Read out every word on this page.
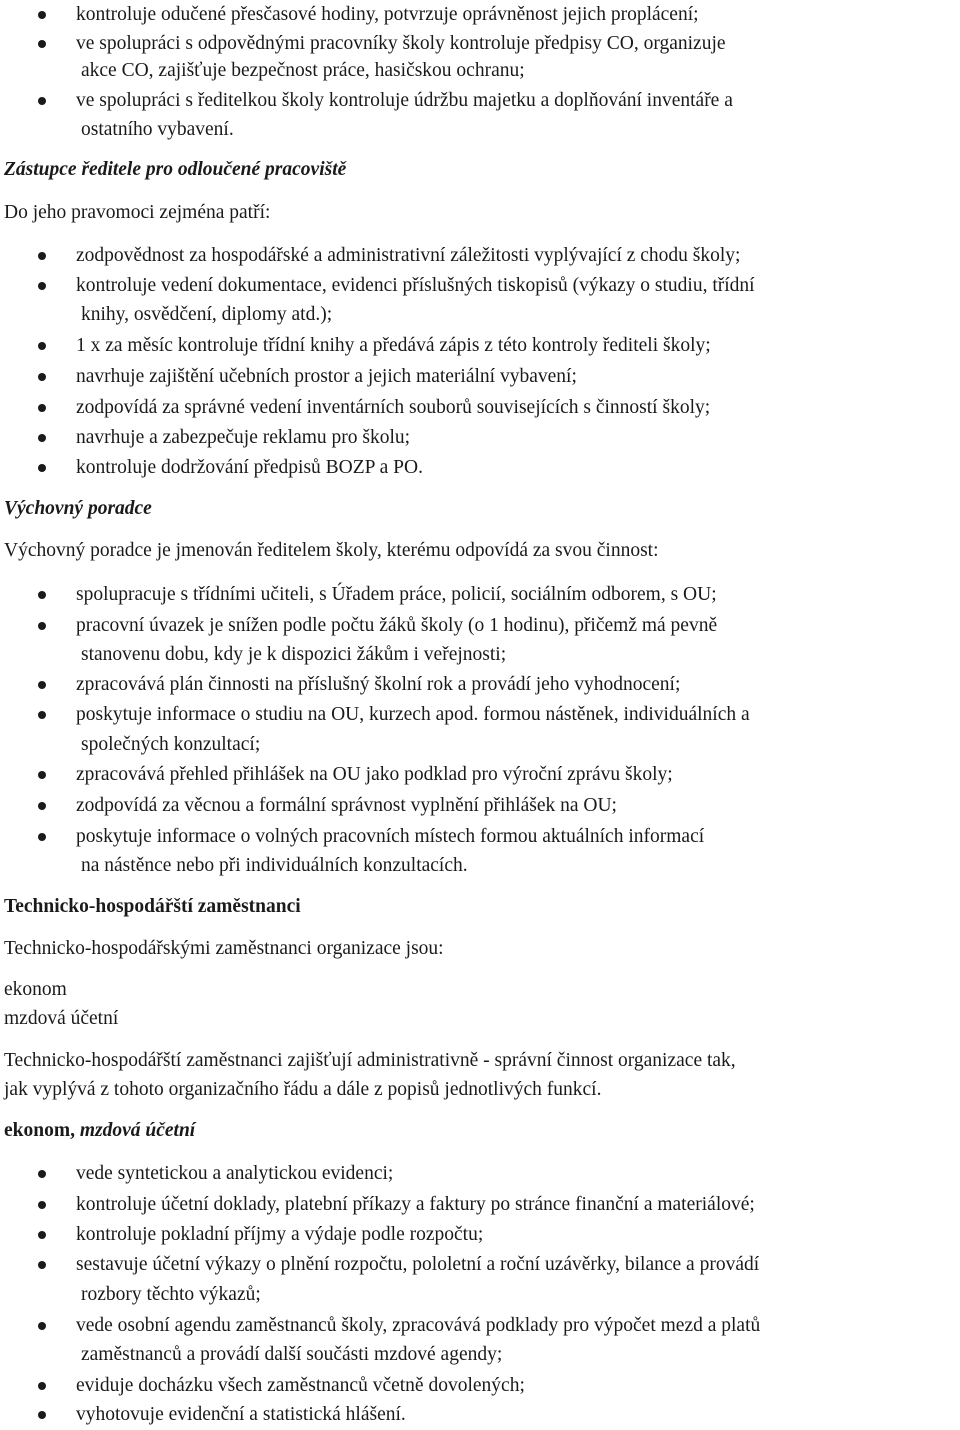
kontroluje odučené přesčasové hodiny, potvrzuje oprávněnost jejich proplácení;
ve spolupráci s odpovědnými pracovníky školy kontroluje předpisy CO, organizuje
akce CO, zajišťuje bezpečnost práce, hasičskou ochranu;
ve spolupráci s ředitelkou školy kontroluje údržbu majetku a doplňování inventáře a
ostatního vybavení.
Zástupce ředitele pro odloučené pracoviště
Do jeho pravomoci zejména patří:
zodpovědnost za hospodářské a administrativní záležitosti vyplývající z chodu školy;
kontroluje vedení dokumentace, evidenci příslušných tiskopisů (výkazy o studiu, třídní
knihy, osvědčení, diplomy atd.);
1 x za měsíc kontroluje třídní knihy a předává zápis z této kontroly řediteli školy;
navrhuje zajištění učebních prostor a jejich materiální vybavení;
zodpovídá za správné vedení inventárních souborů souvisejících s činností školy;
navrhuje a zabezpečuje reklamu pro školu;
kontroluje dodržování předpisů BOZP a PO.
Výchovný poradce
Výchovný poradce je jmenován ředitelem školy, kterému odpovídá za svou činnost:
spolupracuje s třídními učiteli, s Úřadem práce, policií, sociálním odborem, s OU;
pracovní úvazek je snížen podle počtu žáků školy (o 1 hodinu), přičemž má pevně
stanovenu dobu, kdy je k dispozici žákům i veřejnosti;
zpracovává plán činnosti na příslušný školní rok a provádí jeho vyhodnocení;
poskytuje informace o studiu na OU, kurzech apod. formou nástěnek, individuálních a
společných konzultací;
zpracovává přehled přihlášek na OU jako podklad pro výroční zprávu školy;
zodpovídá za věcnou a formální správnost vyplnění přihlášek na OU;
poskytuje informace o volných pracovních místech formou aktuálních informací
na nástěnce nebo při individuálních konzultacích.
Technicko-hospodářští zaměstnanci
Technicko-hospodářskými zaměstnanci organizace jsou:
ekonom
mzdová účetní
Technicko-hospodářští zaměstnanci zajišťují administrativně - správní činnost organizace tak,
jak vyplývá z tohoto organizačního řádu a dále z popisů jednotlivých funkcí.
ekonom, mzdová účetní
vede syntetickou a analytickou evidenci;
kontroluje účetní doklady, platební příkazy a faktury po stránce finanční a materiálové;
kontroluje pokladní příjmy a výdaje podle rozpočtu;
sestavuje účetní výkazy o plnění rozpočtu, pololetní a roční uzávěrky, bilance a provádí
rozbory těchto výkazů;
vede osobní agendu zaměstnanců školy, zpracovává podklady pro výpočet mezd a platů
zaměstnanců a provádí další součásti mzdové agendy;
eviduje docházku všech zaměstnanců včetně dovolených;
vyhotovuje evidenční a statistická hlášení.
